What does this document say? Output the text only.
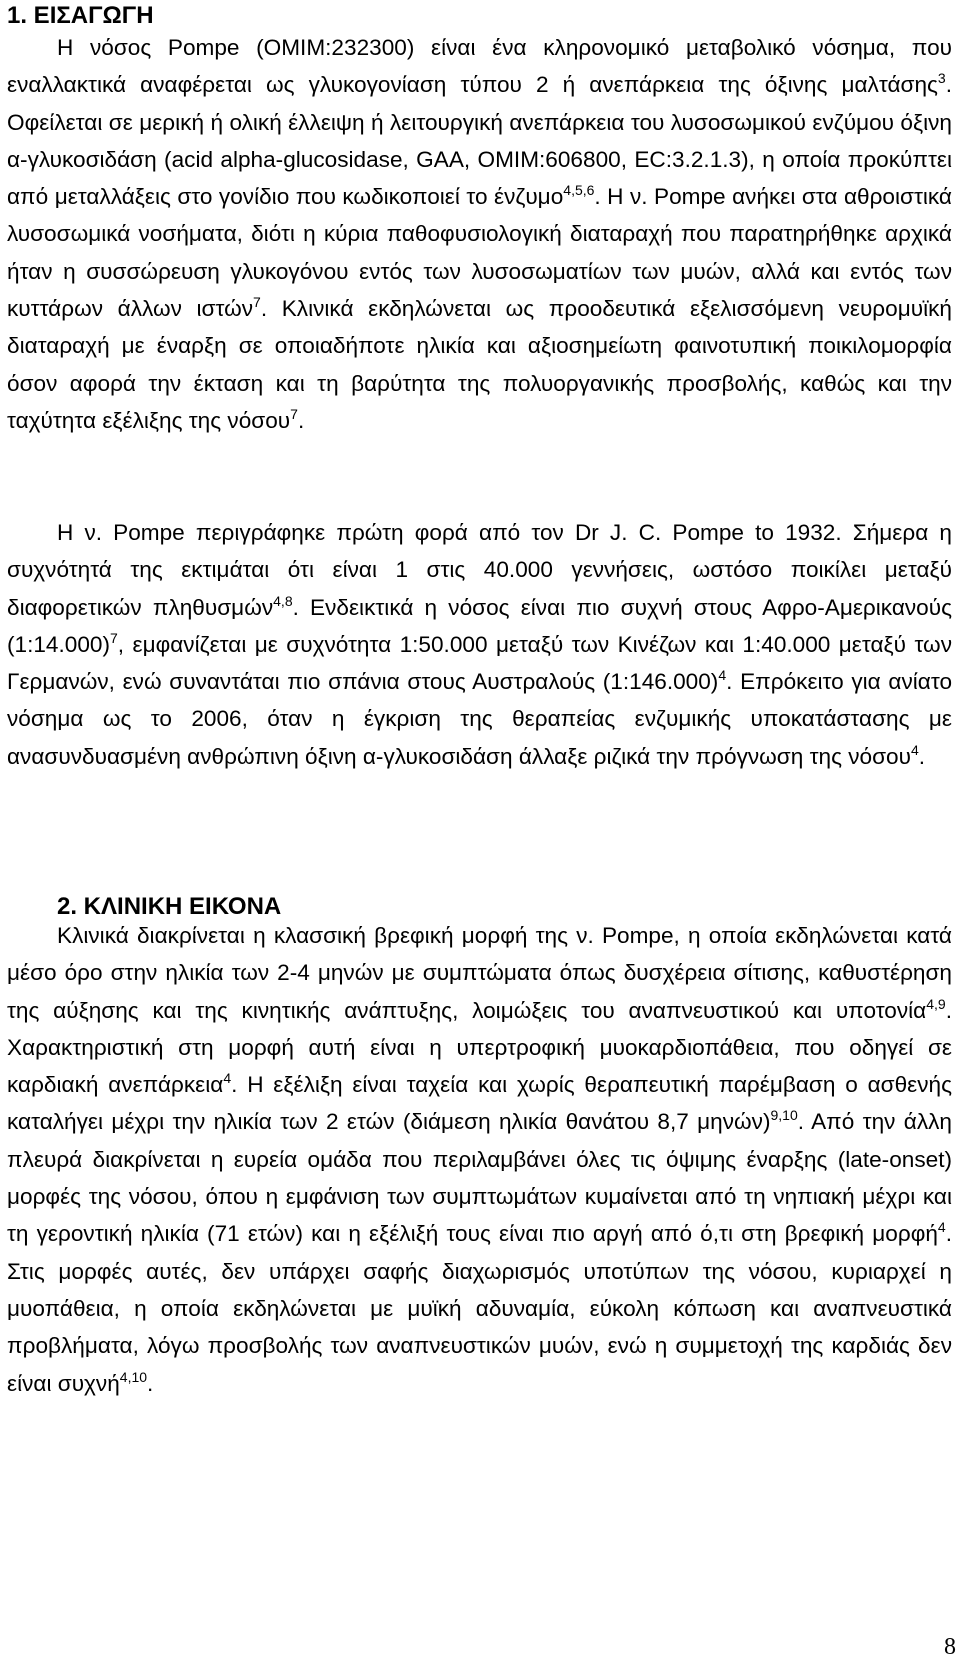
1. ΕΙΣΑΓΩΓΗ

Η νόσος Pompe (OMIM:232300) είναι ένα κληρονομικό μεταβολικό νόσημα, που εναλλακτικά αναφέρεται ως γλυκογονίαση τύπου 2 ή ανεπάρκεια της όξινης μαλτάσης$^3$. Οφείλεται σε μερική ή ολική έλλειψη ή λειτουργική ανεπάρκεια του λυσοσωμικού ενζύμου όξινη α-γλυκοσιδάση (acid alpha-glucosidase, GAA, OMIM:606800, EC:3.2.1.3), η οποία προκύπτει από μεταλλάξεις στο γονίδιο που κωδικοποιεί το ένζυμο$^{4,5,6}$. Η ν. Pompe ανήκει στα αθροιστικά λυσοσωμικά νοσήματα, διότι η κύρια παθοφυσιολογική διαταραχή που παρατηρήθηκε αρχικά ήταν η συσσώρευση γλυκογόνου εντός των λυσοσωματίων των μυών, αλλά και εντός των κυττάρων άλλων ιστών$^7$. Κλινικά εκδηλώνεται ως προοδευτικά εξελισσόμενη νευρομυϊκή διαταραχή με έναρξη σε οποιαδήποτε ηλικία και αξιοσημείωτη φαινοτυπική ποικιλομορφία όσον αφορά την έκταση και τη βαρύτητα της πολυοργανικής προσβολής, καθώς και την ταχύτητα εξέλιξης της νόσου$^7$.

Η ν. Pompe περιγράφηκε πρώτη φορά από τον Dr J. C. Pompe to 1932. Σήμερα η συχνότητά της εκτιμάται ότι είναι 1 στις 40.000 γεννήσεις, ωστόσο ποικίλει μεταξύ διαφορετικών πληθυσμών$^{4,8}$. Ενδεικτικά η νόσος είναι πιο συχνή στους Αφρο-Αμερικανούς (1:14.000)$^7$, εμφανίζεται με συχνότητα 1:50.000 μεταξύ των Κινέζων και 1:40.000 μεταξύ των Γερμανών, ενώ συναντάται πιο σπάνια στους Αυστραλούς (1:146.000)$^4$. Επρόκειτο για ανίατο νόσημα ως το 2006, όταν η έγκριση της θεραπείας ενζυμικής υποκατάστασης με ανασυνδυασμένη ανθρώπινη όξινη α-γλυκοσιδάση άλλαξε ριζικά την πρόγνωση της νόσου$^4$.

2. ΚΛΙΝΙΚΗ ΕΙΚΟΝΑ

Κλινικά διακρίνεται η κλασσική βρεφική μορφή της ν. Pompe, η οποία εκδηλώνεται κατά μέσο όρο στην ηλικία των 2-4 μηνών με συμπτώματα όπως δυσχέρεια σίτισης, καθυστέρηση της αύξησης και της κινητικής ανάπτυξης, λοιμώξεις του αναπνευστικού και υποτονία$^{4,9}$. Χαρακτηριστική στη μορφή αυτή είναι η υπερτροφική μυοκαρδιοπάθεια, που οδηγεί σε καρδιακή ανεπάρκεια$^4$. Η εξέλιξη είναι ταχεία και χωρίς θεραπευτική παρέμβαση ο ασθενής καταλήγει μέχρι την ηλικία των 2 ετών (διάμεση ηλικία θανάτου 8,7 μηνών)$^{9,10}$. Από την άλλη πλευρά διακρίνεται η ευρεία ομάδα που περιλαμβάνει όλες τις όψιμης έναρξης (late-onset) μορφές της νόσου, όπου η εμφάνιση των συμπτωμάτων κυμαίνεται από τη νηπιακή μέχρι και τη γεροντική ηλικία (71 ετών) και η εξέλιξή τους είναι πιο αργή από ό,τι στη βρεφική μορφή$^4$. Στις μορφές αυτές, δεν υπάρχει σαφής διαχωρισμός υποτύπων της νόσου, κυριαρχεί η μυοπάθεια, η οποία εκδηλώνεται με μυϊκή αδυναμία, εύκολη κόπωση και αναπνευστικά προβλήματα, λόγω προσβολής των αναπνευστικών μυών, ενώ η συμμετοχή της καρδιάς δεν είναι συχνή$^{4,10}$.

8
